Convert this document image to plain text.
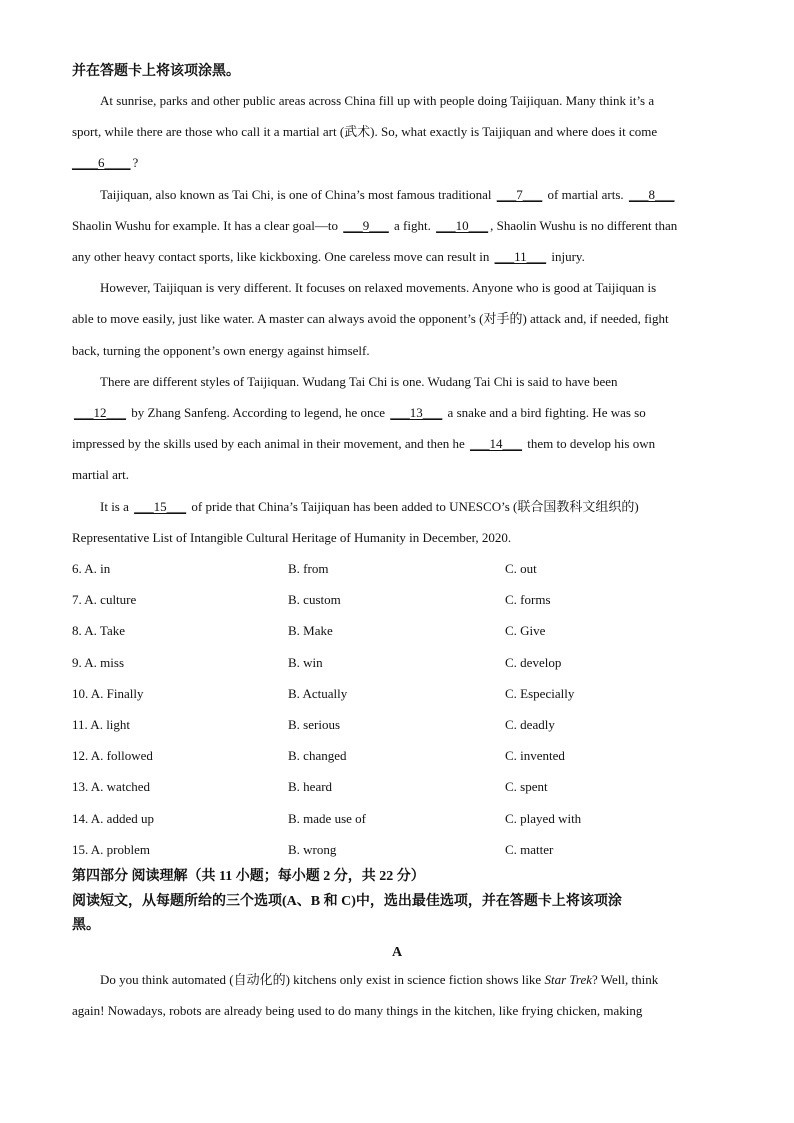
并在答题卡上将该项涂黑。
At sunrise, parks and other public areas across China fill up with people doing Taijiquan. Many think it’s a
sport, while there are those who call it a martial art (武术). So, what exactly is Taijiquan and where does it come
____6____ ?
Taijiquan, also known as Tai Chi, is one of China’s most famous traditional ___7___ of martial arts. ___8___
Shaolin Wushu for example. It has a clear goal—to ___9___ a fight. ___10___ , Shaolin Wushu is no different than
any other heavy contact sports, like kickboxing. One careless move can result in ___11___ injury.
However, Taijiquan is very different. It focuses on relaxed movements. Anyone who is good at Taijiquan is
able to move easily, just like water. A master can always avoid the opponent’s (对手的) attack and, if needed, fight
back, turning the opponent’s own energy against himself.
There are different styles of Taijiquan. Wudang Tai Chi is one. Wudang Tai Chi is said to have been
___12___ by Zhang Sanfeng. According to legend, he once ___13___ a snake and a bird fighting. He was so
impressed by the skills used by each animal in their movement, and then he ___14___ them to develop his own
martial art.
It is a ___15___ of pride that China’s Taijiquan has been added to UNESCO’s (联合国教科文组织的)
Representative List of Intangible Cultural Heritage of Humanity in December, 2020.
6. A. in	B. from	C. out
7. A. culture	B. custom	C. forms
8. A. Take	B. Make	C. Give
9. A. miss	B. win	C. develop
10. A. Finally	B. Actually	C. Especially
11. A. light	B. serious	C. deadly
12. A. followed	B. changed	C. invented
13. A. watched	B. heard	C. spent
14. A. added up	B. made use of	C. played with
15. A. problem	B. wrong	C. matter
第四部分 阅读理解（共 11 小题；每小题 2 分，共 22 分）
阅读短文，从每题所给的三个选项(A、B 和 C)中，选出最佳选项，并在答题卡上将该项涂
黑。
A
Do you think automated (自动化的) kitchens only exist in science fiction shows like Star Trek? Well, think
again! Nowadays, robots are already being used to do many things in the kitchen, like frying chicken, making
